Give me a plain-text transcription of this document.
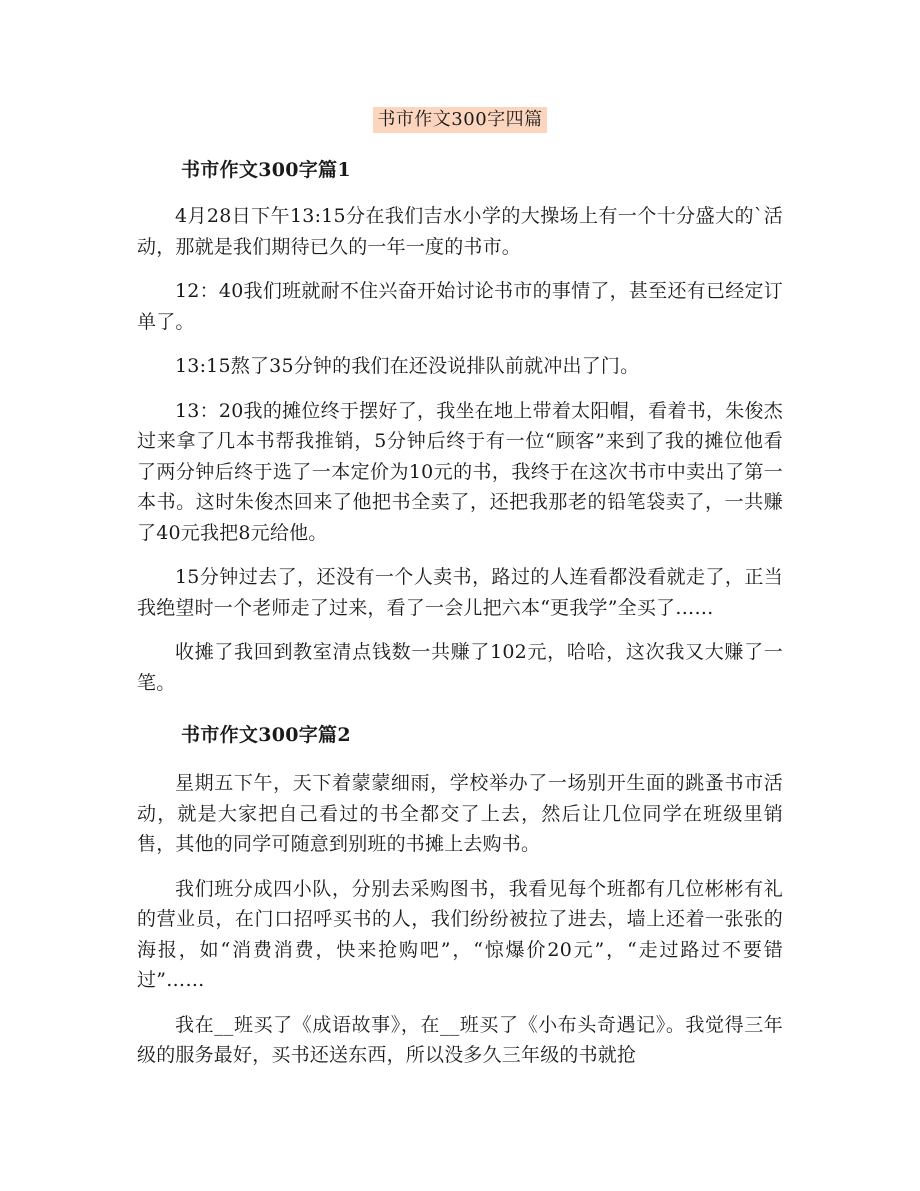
书市作文300字四篇
书市作文300字篇1

4月28日下午13:15分在我们吉水小学的大操场上有一个十分盛大的`活动，那就是我们期待已久的一年一度的书市。

12：40我们班就耐不住兴奋开始讨论书市的事情了，甚至还有已经定订单了。

13:15熬了35分钟的我们在还没说排队前就冲出了门。

13：20我的摊位终于摆好了，我坐在地上带着太阳帽，看着书，朱俊杰过来拿了几本书帮我推销，5分钟后终于有一位“顾客”来到了我的摊位他看了两分钟后终于选了一本定价为10元的书，我终于在这次书市中卖出了第一本书。这时朱俊杰回来了他把书全卖了，还把我那老的铅笔袋卖了，一共赚了40元我把8元给他。

15分钟过去了，还没有一个人卖书，路过的人连看都没看就走了，正当我绝望时一个老师走了过来，看了一会儿把六本“更我学”全买了……

收摊了我回到教室清点钱数一共赚了102元，哈哈，这次我又大赚了一笔。

书市作文300字篇2

星期五下午，天下着蒙蒙细雨，学校举办了一场别开生面的跳蚤书市活动，就是大家把自己看过的书全都交了上去，然后让几位同学在班级里销售，其他的同学可随意到别班的书摊上去购书。

我们班分成四小队，分别去采购图书，我看见每个班都有几位彬彬有礼的营业员，在门口招呼买书的人，我们纷纷被拉了进去，墙上还着一张张的海报，如“消费消费，快来抢购吧”，“惊爆价20元”，“走过路过不要错过”……

我在__班买了《成语故事》，在__班买了《小布头奇遇记》。我觉得三年级的服务最好，买书还送东西，所以没多久三年级的书就抢
